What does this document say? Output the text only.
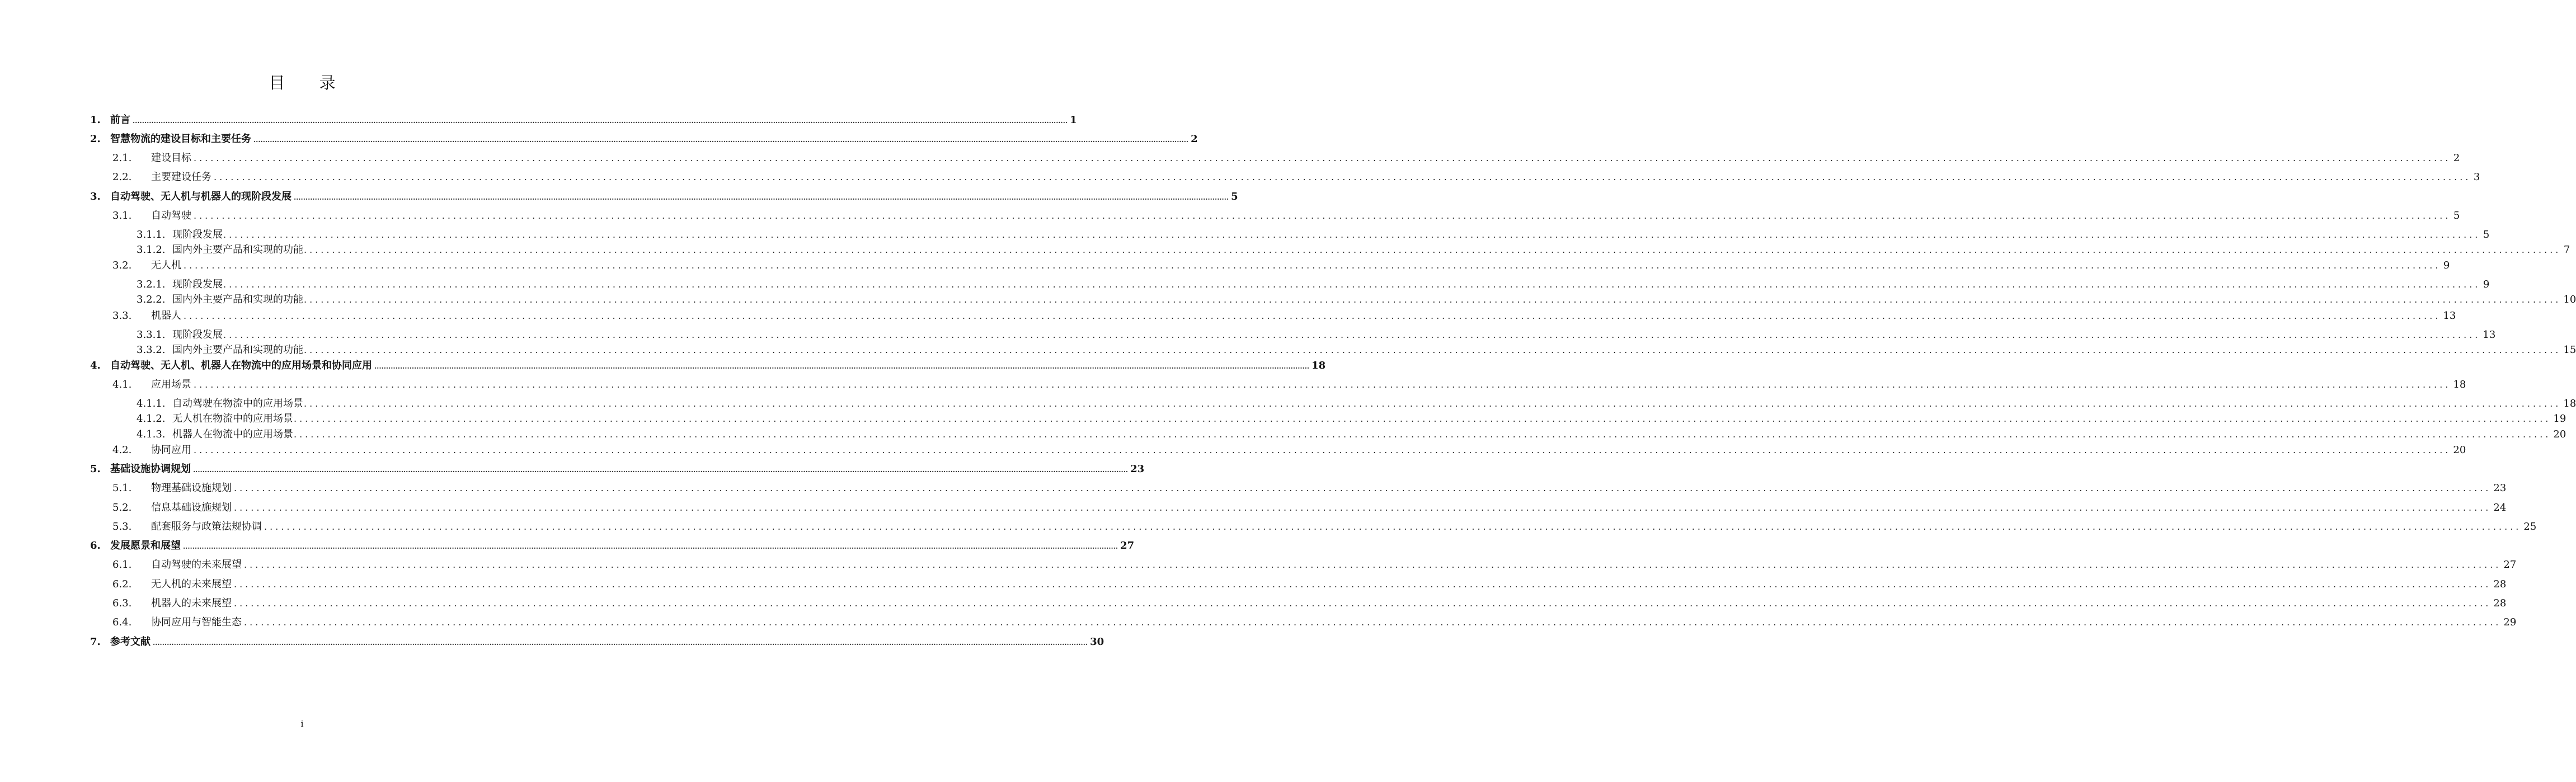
目 录
1. 前言 ................................................................................................................................................................................................................................................................................................................................................................................................................ 1
2. 智慧物流的建设目标和主要任务 ................................................................................................................................................................................................................................................................................................................................................................................................................ 2
2.1.	建设目标 ................................................................................................................................................................................................................................................................................................................................................................................................................ 2
2.2.	主要建设任务 ................................................................................................................................................................................................................................................................................................................................................................................................................ 3
3. 自动驾驶、无人机与机器人的现阶段发展 ................................................................................................................................................................................................................................................................................................................................................................................................................ 5
3.1.	自动驾驶 ................................................................................................................................................................................................................................................................................................................................................................................................................ 5
3.1.1. 现阶段发展 ................................................................................................................................................................................................................................................................................................................................................................................................................ 5
3.1.2. 国内外主要产品和实现的功能 ................................................................................................................................................................................................................................................................................................................................................................................................................ 7
3.2.	无人机 ................................................................................................................................................................................................................................................................................................................................................................................................................ 9
3.2.1. 现阶段发展 ................................................................................................................................................................................................................................................................................................................................................................................................................ 9
3.2.2. 国内外主要产品和实现的功能 ................................................................................................................................................................................................................................................................................................................................................................................................................ 10
3.3.	机器人 ................................................................................................................................................................................................................................................................................................................................................................................................................ 13
3.3.1. 现阶段发展 ................................................................................................................................................................................................................................................................................................................................................................................................................ 13
3.3.2. 国内外主要产品和实现的功能 ................................................................................................................................................................................................................................................................................................................................................................................................................ 15
4. 自动驾驶、无人机、机器人在物流中的应用场景和协同应用 ................................................................................................................................................................................................................................................................................................................................................................................................................ 18
4.1.	应用场景 ................................................................................................................................................................................................................................................................................................................................................................................................................ 18
4.1.1. 自动驾驶在物流中的应用场景 ................................................................................................................................................................................................................................................................................................................................................................................................................ 18
4.1.2. 无人机在物流中的应用场景 ................................................................................................................................................................................................................................................................................................................................................................................................................ 19
4.1.3. 机器人在物流中的应用场景 ................................................................................................................................................................................................................................................................................................................................................................................................................ 20
4.2.	协同应用 ................................................................................................................................................................................................................................................................................................................................................................................................................ 20
5. 基础设施协调规划 ................................................................................................................................................................................................................................................................................................................................................................................................................ 23
5.1.	物理基础设施规划 ................................................................................................................................................................................................................................................................................................................................................................................................................ 23
5.2.	信息基础设施规划 ................................................................................................................................................................................................................................................................................................................................................................................................................ 24
5.3.	配套服务与政策法规协调 ................................................................................................................................................................................................................................................................................................................................................................................................................ 25
6. 发展愿景和展望 ................................................................................................................................................................................................................................................................................................................................................................................................................ 27
6.1.	自动驾驶的未来展望 ................................................................................................................................................................................................................................................................................................................................................................................................................ 27
6.2.	无人机的未来展望 ................................................................................................................................................................................................................................................................................................................................................................................................................ 28
6.3.	机器人的未来展望 ................................................................................................................................................................................................................................................................................................................................................................................................................ 28
6.4.	协同应用与智能生态 ................................................................................................................................................................................................................................................................................................................................................................................................................ 29
7. 参考文献 ................................................................................................................................................................................................................................................................................................................................................................................................................ 30
i
